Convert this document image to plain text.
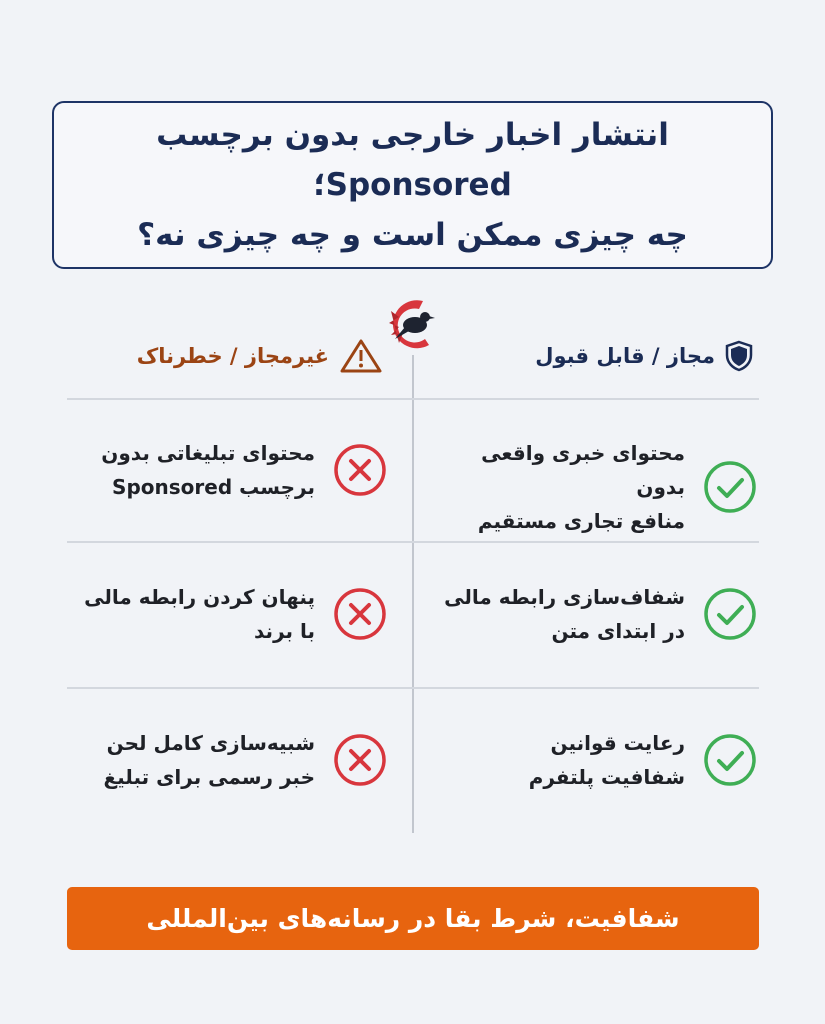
انتشار اخبار خارجی بدون برچسب Sponsored؛
چه چیزی ممکن است و چه چیزی نه؟
مجاز / قابل قبول
غیرمجاز / خطرناک
محتوای خبری واقعی بدون
منافع تجاری مستقیم
محتوای تبلیغاتی بدون
برچسب Sponsored
شفاف‌سازی رابطه مالی
در ابتدای متن
پنهان کردن رابطه مالی
با برند
رعایت قوانین
شفافیت پلتفرم
شبیه‌سازی کامل لحن
خبر رسمی برای تبلیغ
شفافیت، شرط بقا در رسانه‌های بین‌المللی
